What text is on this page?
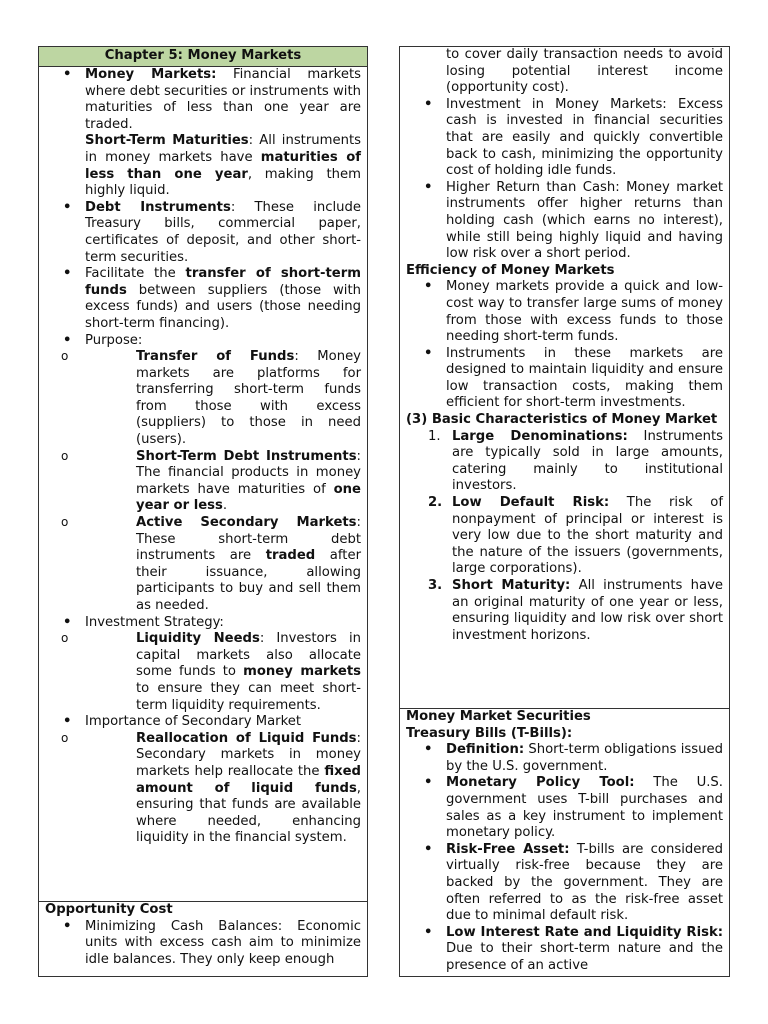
Chapter 5: Money Markets
• Money Markets: Financial markets where debt securities or instruments with maturities of less than one year are traded.
Short-Term Maturities: All instruments in money markets have maturities of less than one year, making them highly liquid.
• Debt Instruments: These include Treasury bills, commercial paper, certificates of deposit, and other short-term securities.
• Facilitate the transfer of short-term funds between suppliers (those with excess funds) and users (those needing short-term financing).
• Purpose:
o Transfer of Funds: Money markets are platforms for transferring short-term funds from those with excess (suppliers) to those in need (users).
o Short-Term Debt Instruments: The financial products in money markets have maturities of one year or less.
o Active Secondary Markets: These short-term debt instruments are traded after their issuance, allowing participants to buy and sell them as needed.
• Investment Strategy:
o Liquidity Needs: Investors in capital markets also allocate some funds to money markets to ensure they can meet short-term liquidity requirements.
• Importance of Secondary Market
o Reallocation of Liquid Funds: Secondary markets in money markets help reallocate the fixed amount of liquid funds, ensuring that funds are available where needed, enhancing liquidity in the financial system.
Opportunity Cost
• Minimizing Cash Balances: Economic units with excess cash aim to minimize idle balances. They only keep enough
to cover daily transaction needs to avoid losing potential interest income (opportunity cost).
• Investment in Money Markets: Excess cash is invested in financial securities that are easily and quickly convertible back to cash, minimizing the opportunity cost of holding idle funds.
• Higher Return than Cash: Money market instruments offer higher returns than holding cash (which earns no interest), while still being highly liquid and having low risk over a short period.
Efficiency of Money Markets
• Money markets provide a quick and low-cost way to transfer large sums of money from those with excess funds to those needing short-term funds.
• Instruments in these markets are designed to maintain liquidity and ensure low transaction costs, making them efficient for short-term investments.
(3) Basic Characteristics of Money Market
1. Large Denominations: Instruments are typically sold in large amounts, catering mainly to institutional investors.
2. Low Default Risk: The risk of nonpayment of principal or interest is very low due to the short maturity and the nature of the issuers (governments, large corporations).
3. Short Maturity: All instruments have an original maturity of one year or less, ensuring liquidity and low risk over short investment horizons.
Money Market Securities
Treasury Bills (T-Bills):
• Definition: Short-term obligations issued by the U.S. government.
• Monetary Policy Tool: The U.S. government uses T-bill purchases and sales as a key instrument to implement monetary policy.
• Risk-Free Asset: T-bills are considered virtually risk-free because they are backed by the government. They are often referred to as the risk-free asset due to minimal default risk.
• Low Interest Rate and Liquidity Risk: Due to their short-term nature and the presence of an active
